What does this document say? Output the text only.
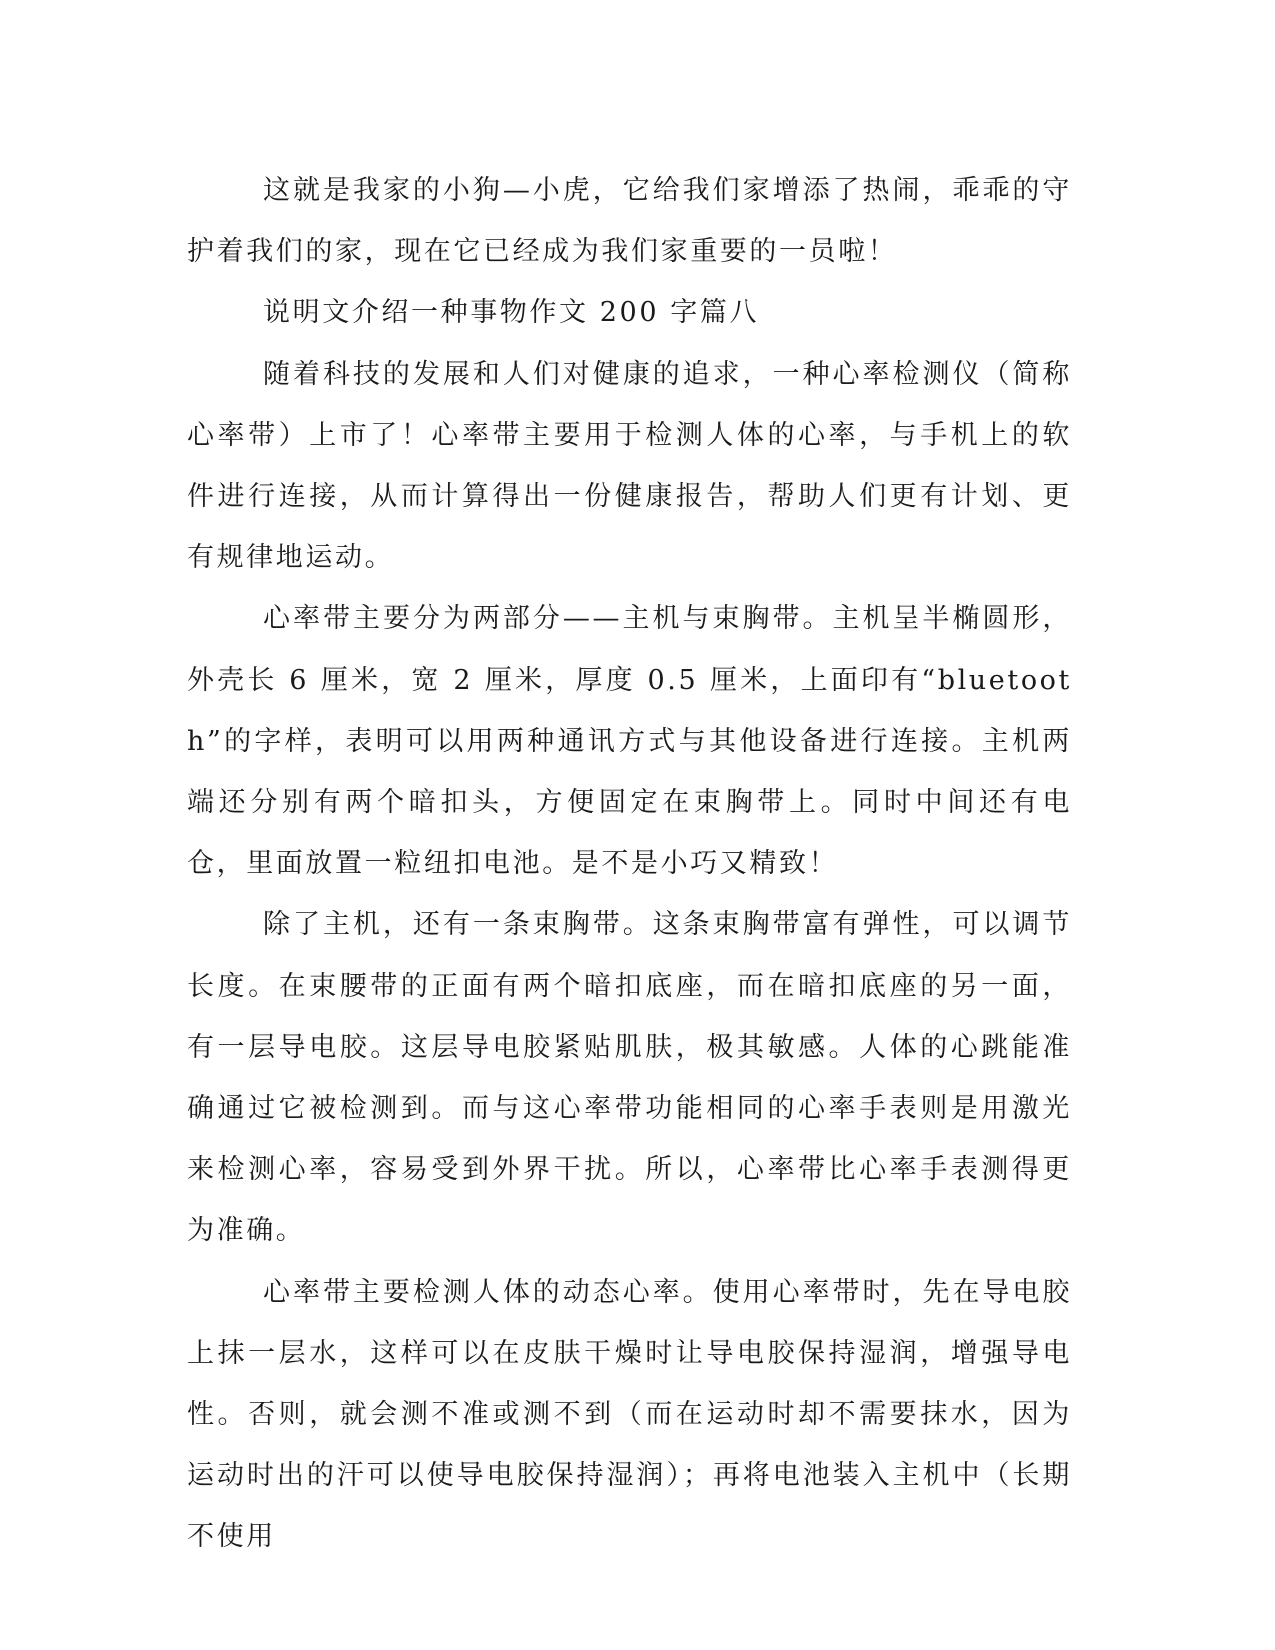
这就是我家的小狗—小虎，它给我们家增添了热闹，乖乖的守护着我们的家，现在它已经成为我们家重要的一员啦！

说明文介绍一种事物作文 200 字篇八

随着科技的发展和人们对健康的追求，一种心率检测仪（简称心率带）上市了！心率带主要用于检测人体的心率，与手机上的软件进行连接，从而计算得出一份健康报告，帮助人们更有计划、更有规律地运动。

心率带主要分为两部分——主机与束胸带。主机呈半椭圆形，外壳长 6 厘米，宽 2 厘米，厚度 0.5 厘米，上面印有“bluetooth”的字样，表明可以用两种通讯方式与其他设备进行连接。主机两端还分别有两个暗扣头，方便固定在束胸带上。同时中间还有电仓，里面放置一粒纽扣电池。是不是小巧又精致！

除了主机，还有一条束胸带。这条束胸带富有弹性，可以调节长度。在束腰带的正面有两个暗扣底座，而在暗扣底座的另一面，有一层导电胶。这层导电胶紧贴肌肤，极其敏感。人体的心跳能准确通过它被检测到。而与这心率带功能相同的心率手表则是用激光来检测心率，容易受到外界干扰。所以，心率带比心率手表测得更为准确。

心率带主要检测人体的动态心率。使用心率带时，先在导电胶上抹一层水，这样可以在皮肤干燥时让导电胶保持湿润，增强导电性。否则，就会测不准或测不到（而在运动时却不需要抹水，因为运动时出的汗可以使导电胶保持湿润）；再将电池装入主机中（长期不使用
